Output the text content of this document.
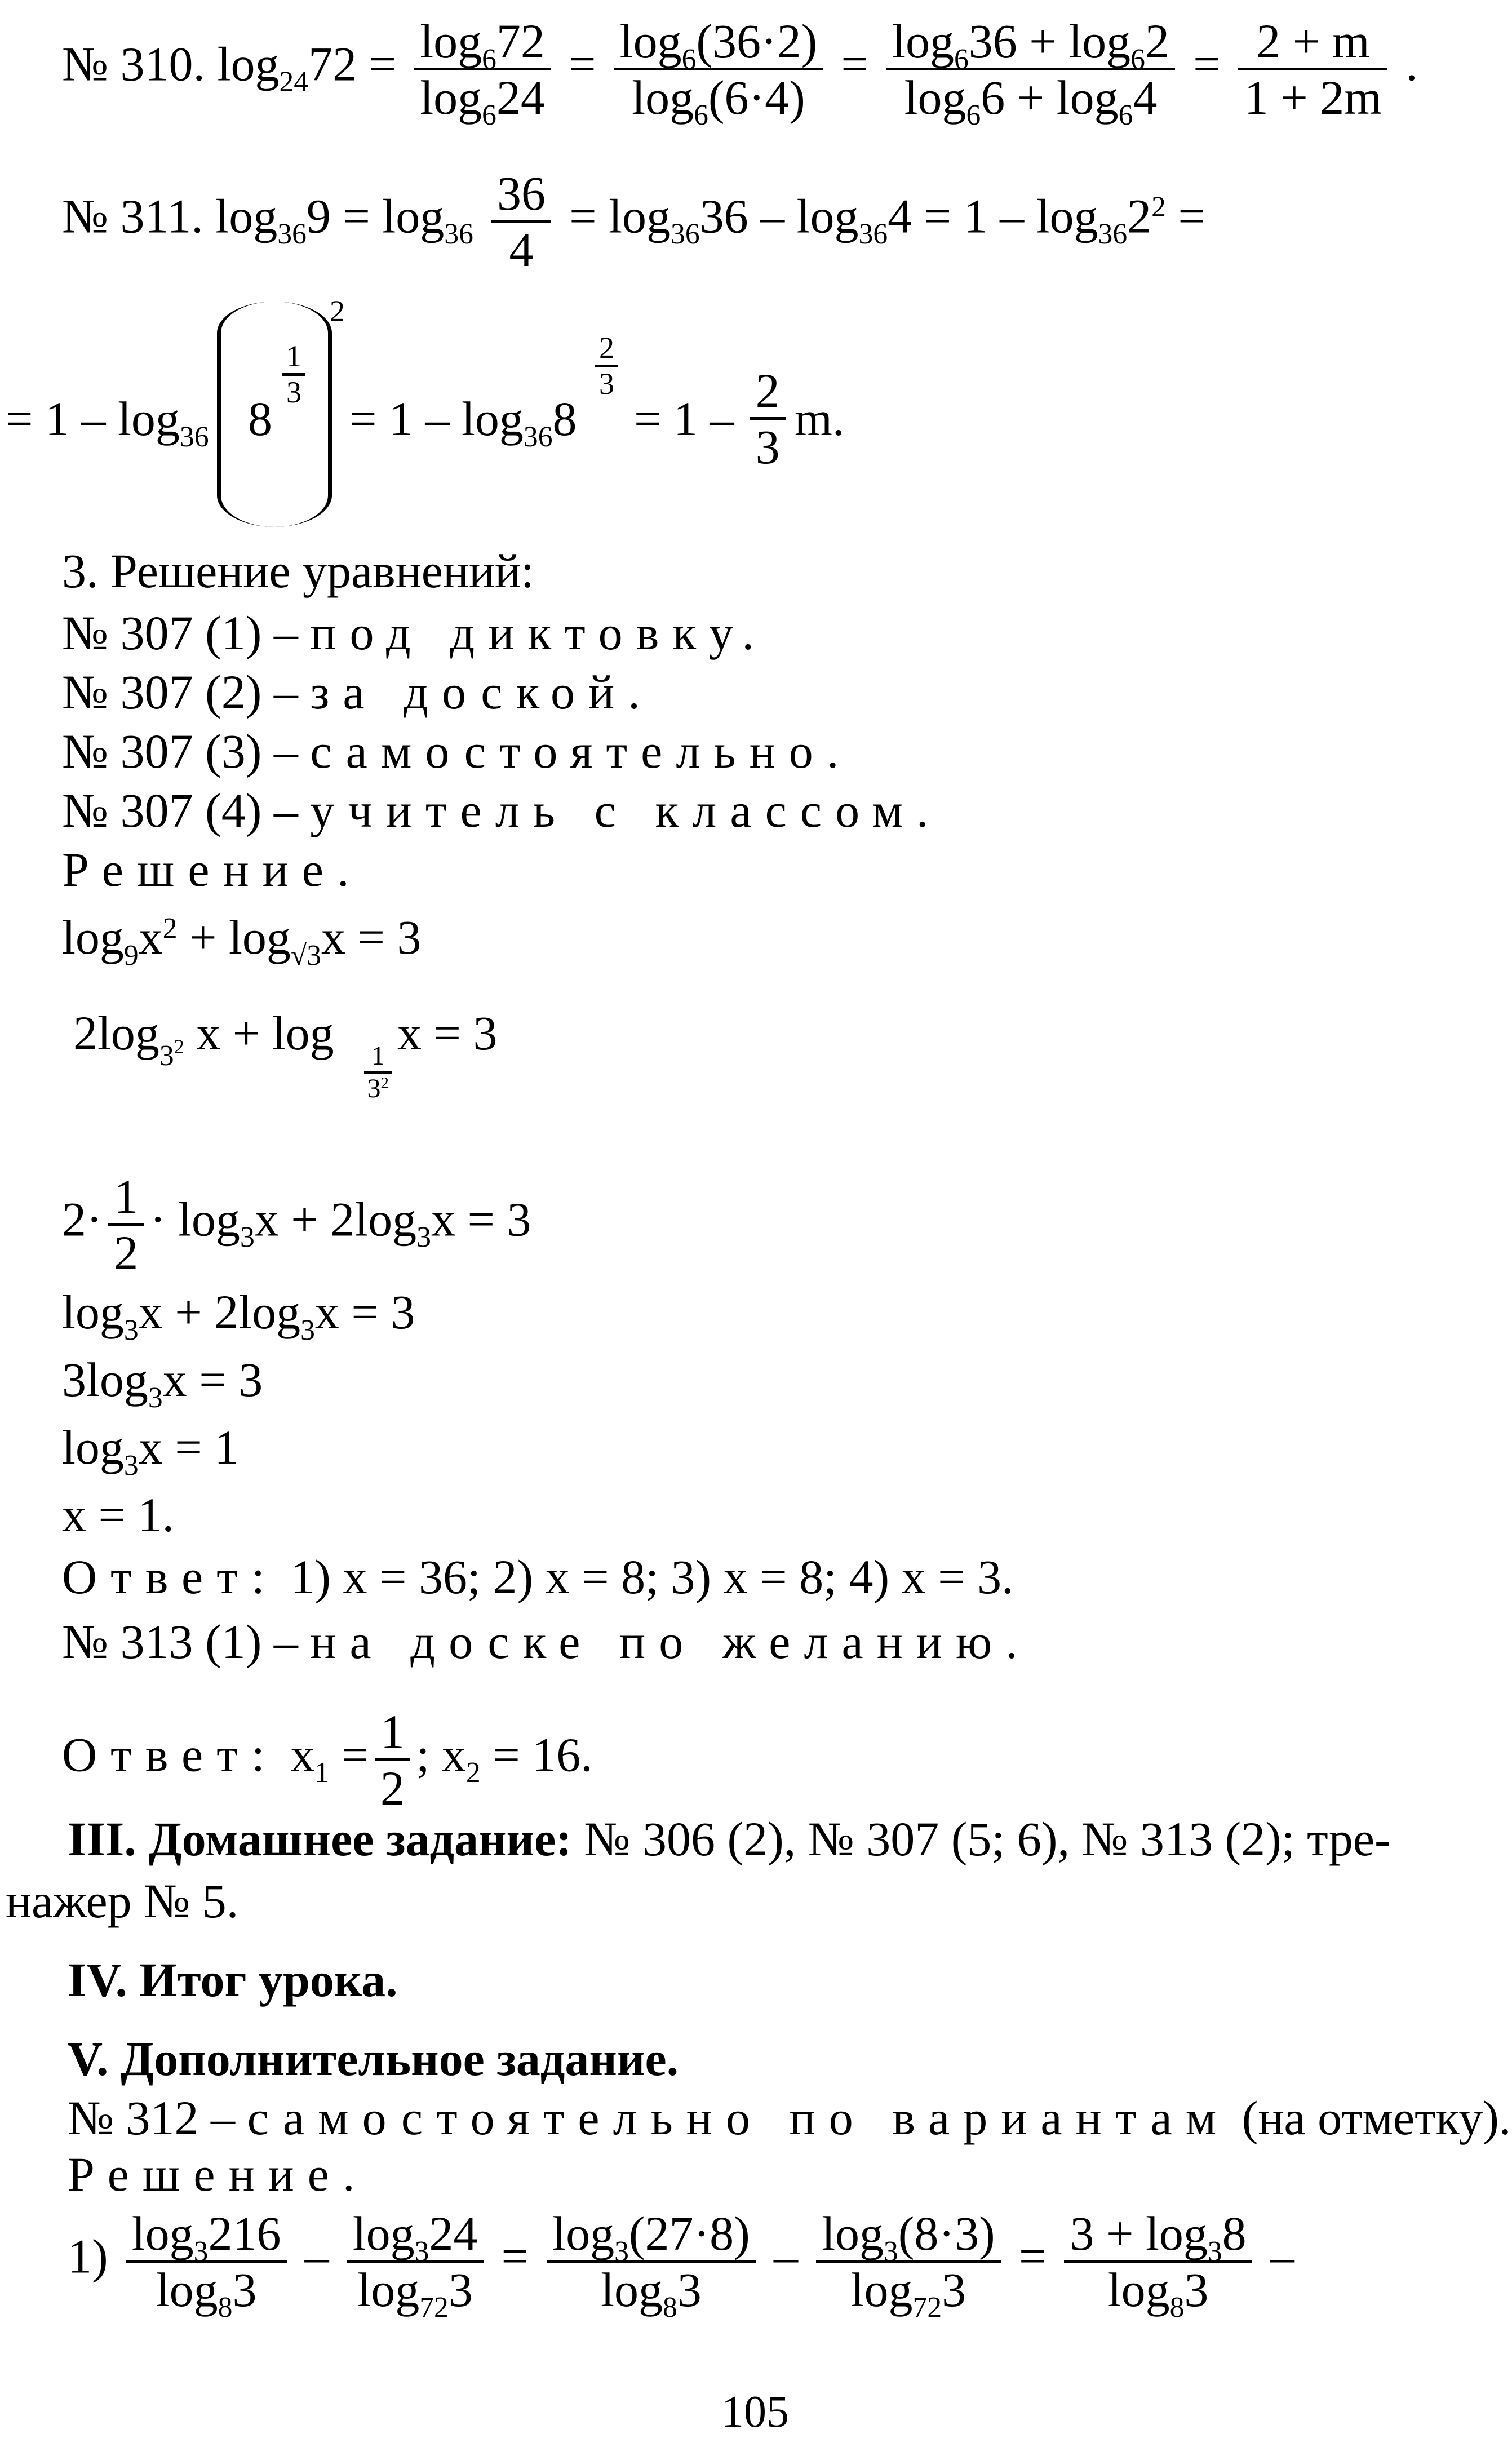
№ 310. $\log_{24}72 = \frac{\log_672}{\log_624} = \frac{\log_6(36\cdot 2)}{\log_6(6\cdot 4)} = \frac{\log_636 + \log_62}{\log_66 + \log_64} = \frac{2 + m}{1 + 2m}$ .
№ 311. $\log_{36}9 = \log_{36} \frac{36}{4} = \log_{36}36 - \log_{36}4 = 1 - \log_{36}2^2$ =
= $1 - \log_{36} 8$
$\frac{1}{3}$
2
= $1 - \log_{36}8$
$\frac{2}{3}$
= $1 - \frac{2}{3} m$.
3. Решение уравнений:
№ 307 (1) – под диктовку.
№ 307 (2) – за доской.
№ 307 (3) – самостоятельно.
№ 307 (4) – учитель с классом.
Решение.
$\log_9x^2 + \log_{√3}x = 3$
$2\log_{3^2}$ x + log
$\frac{1}{3^2}$
x = 3
$2\cdot \frac{1}{2} \cdot \log_3x + 2\log_3x = 3$
$\log_3x + 2\log_3x = 3$
$3\log_3x = 3$
$\log_3x = 1$
x = 1.
Ответ: 1) x = 36; 2) x = 8; 3) x = 8; 4) x = 3.
№ 313 (1) – на доске по желанию.
Ответ: $x_1 = \frac{1}{2}$ ; $x_2 = 16$.
III. Домашнее задание: № 306 (2), № 307 (5; 6), № 313 (2); тре-
нажер № 5.
IV. Итог урока.
V. Дополнительное задание.
№ 312 – самостоятельно по вариантам (на отметку).
Решение.
$1) \frac{\log_3216}{\log_83} - \frac{\log_324}{\log_{72}3} = \frac{\log_3(27\cdot 8)}{\log_83} - \frac{\log_3(8\cdot 3)}{\log_{72}3} = \frac{3 + \log_38}{\log_83}$ –
105
